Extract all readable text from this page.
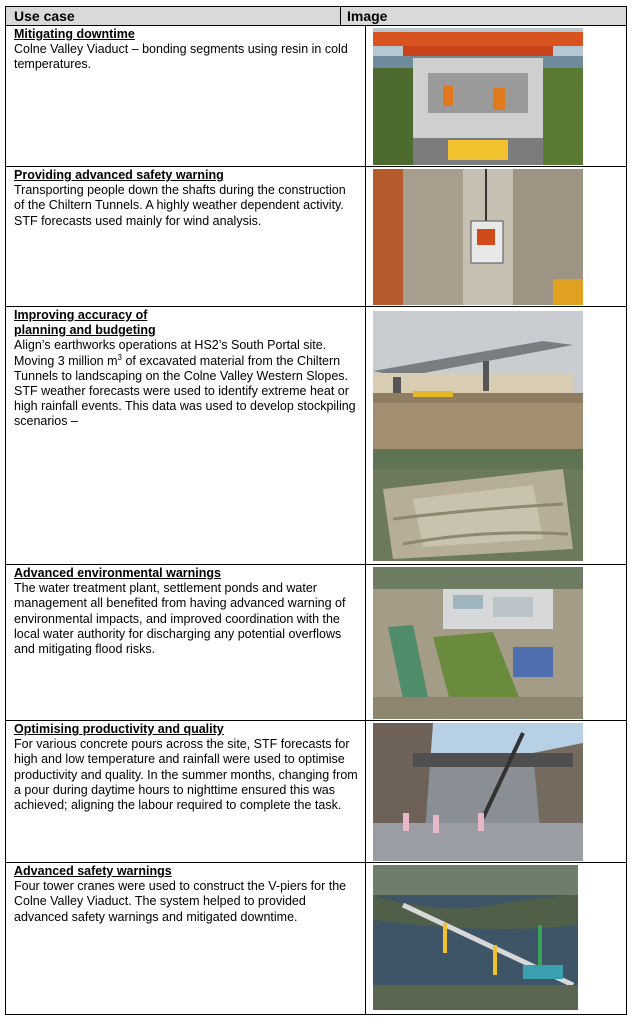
Use case	Image
Mitigating downtime
Colne Valley Viaduct – bonding segments using resin in cold temperatures.
Providing advanced safety warning
Transporting people down the shafts during the construction of the Chiltern Tunnels. A highly weather dependent activity. STF forecasts used mainly for wind analysis.
Improving accuracy of
planning and budgeting
Align’s earthworks operations at HS2’s South Portal site. Moving 3 million $m^3$ of excavated material from the Chiltern Tunnels to landscaping on the Colne Valley Western Slopes. STF weather forecasts were used to identify extreme heat or high rainfall events. This data was used to develop stockpiling scenarios –
Advanced environmental warnings
The water treatment plant, settlement ponds and water management all benefited from having advanced warning of environmental impacts, and improved coordination with the local water authority for discharging any potential overflows and mitigating flood risks.
Optimising productivity and quality
For various concrete pours across the site, STF forecasts for high and low temperature and rainfall were used to optimise productivity and quality. In the summer months, changing from a pour during daytime hours to nighttime ensured this was achieved; aligning the labour required to complete the task.
Advanced safety warnings
Four tower cranes were used to construct the V-piers for the Colne Valley Viaduct. The system helped to provided advanced safety warnings and mitigated downtime.
